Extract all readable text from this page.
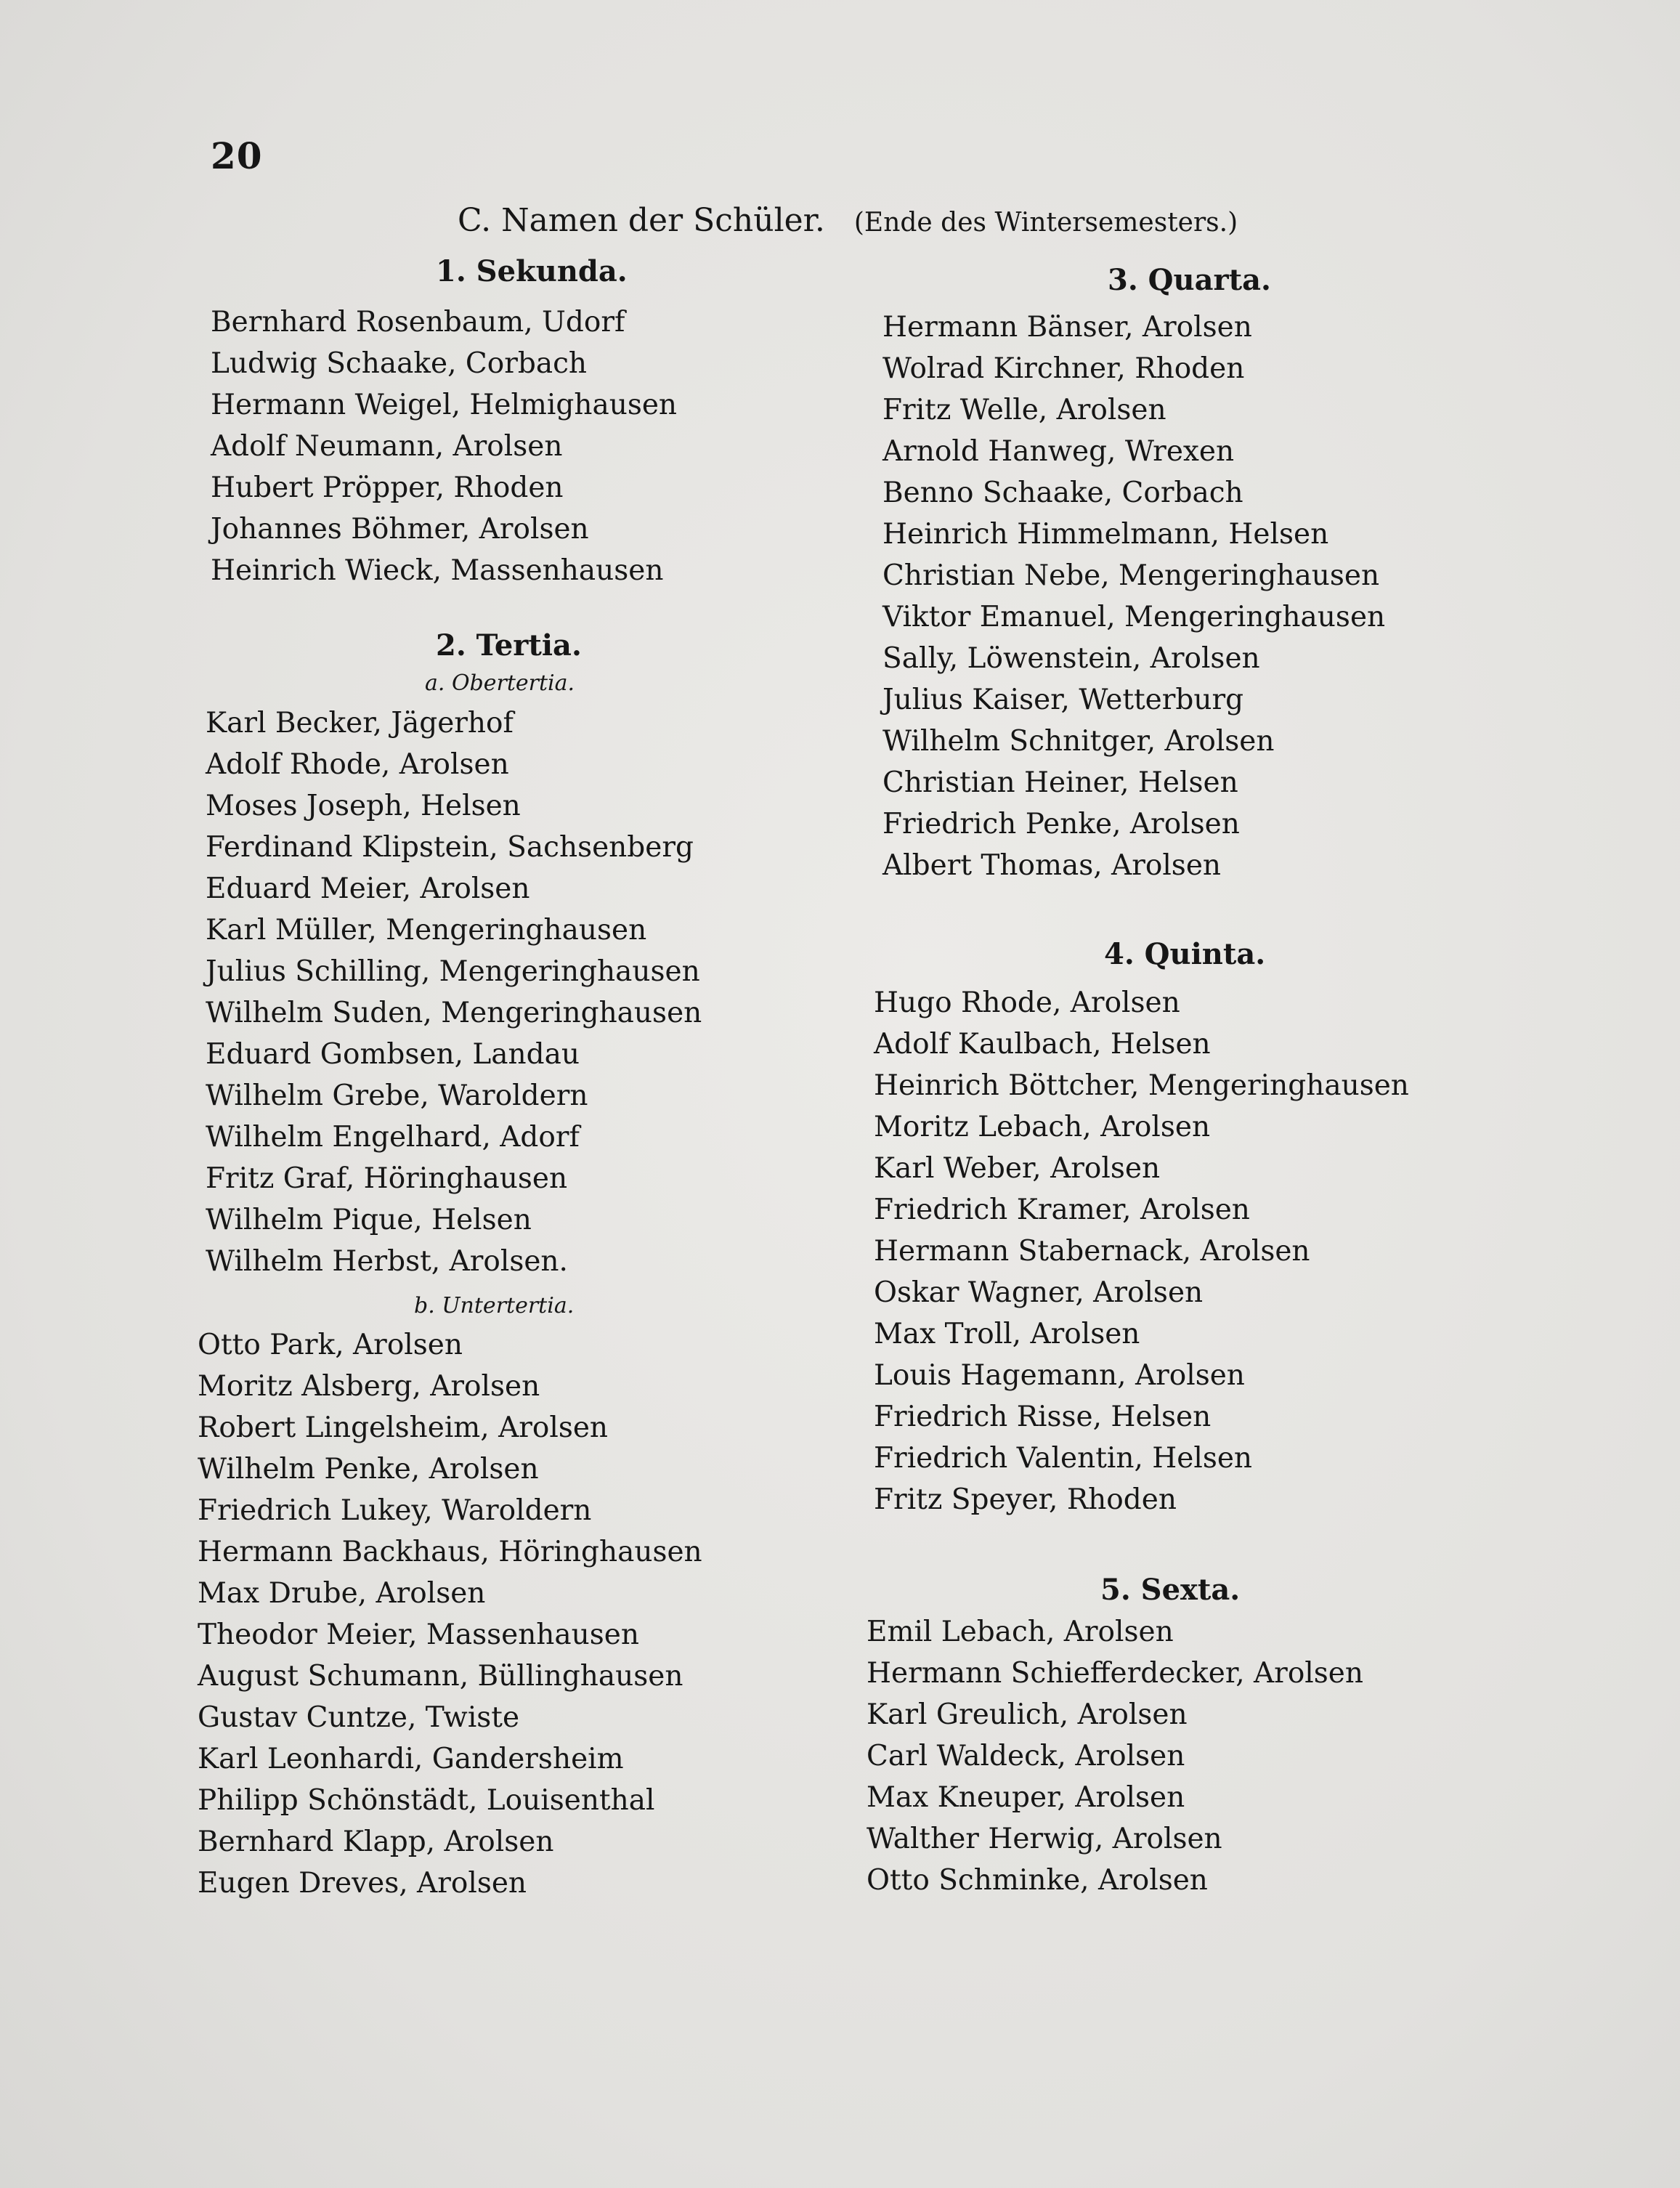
20
C. Namen der Schüler. (Ende des Wintersemesters.)
1. Sekunda.
Bernhard Rosenbaum, Udorf
Ludwig Schaake, Corbach
Hermann Weigel, Helmighausen
Adolf Neumann, Arolsen
Hubert Pröpper, Rhoden
Johannes Böhmer, Arolsen
Heinrich Wieck, Massenhausen
2. Tertia.
a. Obertertia.
Karl Becker, Jägerhof
Adolf Rhode, Arolsen
Moses Joseph, Helsen
Ferdinand Klipstein, Sachsenberg
Eduard Meier, Arolsen
Karl Müller, Mengeringhausen
Julius Schilling, Mengeringhausen
Wilhelm Suden, Mengeringhausen
Eduard Gombsen, Landau
Wilhelm Grebe, Waroldern
Wilhelm Engelhard, Adorf
Fritz Graf, Höringhausen
Wilhelm Pique, Helsen
Wilhelm Herbst, Arolsen.
b. Untertertia.
Otto Park, Arolsen
Moritz Alsberg, Arolsen
Robert Lingelsheim, Arolsen
Wilhelm Penke, Arolsen
Friedrich Lukey, Waroldern
Hermann Backhaus, Höringhausen
Max Drube, Arolsen
Theodor Meier, Massenhausen
August Schumann, Büllinghausen
Gustav Cuntze, Twiste
Karl Leonhardi, Gandersheim
Philipp Schönstädt, Louisenthal
Bernhard Klapp, Arolsen
Eugen Dreves, Arolsen
3. Quarta.
Hermann Bänser, Arolsen
Wolrad Kirchner, Rhoden
Fritz Welle, Arolsen
Arnold Hanweg, Wrexen
Benno Schaake, Corbach
Heinrich Himmelmann, Helsen
Christian Nebe, Mengeringhausen
Viktor Emanuel, Mengeringhausen
Sally, Löwenstein, Arolsen
Julius Kaiser, Wetterburg
Wilhelm Schnitger, Arolsen
Christian Heiner, Helsen
Friedrich Penke, Arolsen
Albert Thomas, Arolsen
4. Quinta.
Hugo Rhode, Arolsen
Adolf Kaulbach, Helsen
Heinrich Böttcher, Mengeringhausen
Moritz Lebach, Arolsen
Karl Weber, Arolsen
Friedrich Kramer, Arolsen
Hermann Stabernack, Arolsen
Oskar Wagner, Arolsen
Max Troll, Arolsen
Louis Hagemann, Arolsen
Friedrich Risse, Helsen
Friedrich Valentin, Helsen
Fritz Speyer, Rhoden
5. Sexta.
Emil Lebach, Arolsen
Hermann Schiefferdecker, Arolsen
Karl Greulich, Arolsen
Carl Waldeck, Arolsen
Max Kneuper, Arolsen
Walther Herwig, Arolsen
Otto Schminke, Arolsen
